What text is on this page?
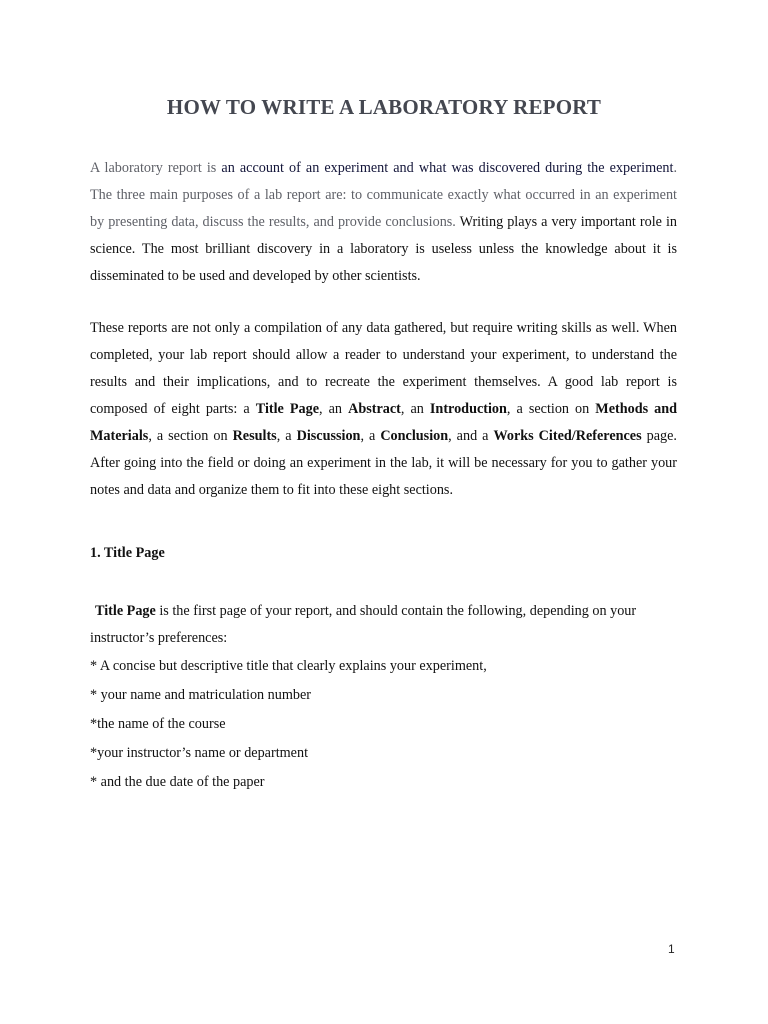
HOW TO WRITE A LABORATORY REPORT

A laboratory report is an account of an experiment and what was discovered during the experiment. The three main purposes of a lab report are: to communicate exactly what occurred in an experiment by presenting data, discuss the results, and provide conclusions. Writing plays a very important role in science. The most brilliant discovery in a laboratory is useless unless the knowledge about it is disseminated to be used and developed by other scientists.

These reports are not only a compilation of any data gathered, but require writing skills as well. When completed, your lab report should allow a reader to understand your experiment, to understand the results and their implications, and to recreate the experiment themselves. A good lab report is composed of eight parts: a Title Page, an Abstract, an Introduction, a section on Methods and Materials, a section on Results, a Discussion, a Conclusion, and a Works Cited/References page. After going into the field or doing an experiment in the lab, it will be necessary for you to gather your notes and data and organize them to fit into these eight sections.

1. Title Page

Title Page is the first page of your report, and should contain the following, depending on your instructor’s preferences:

* A concise but descriptive title that clearly explains your experiment,
* your name and matriculation number
*the name of the course
*your instructor’s name or department
* and the due date of the paper
1
